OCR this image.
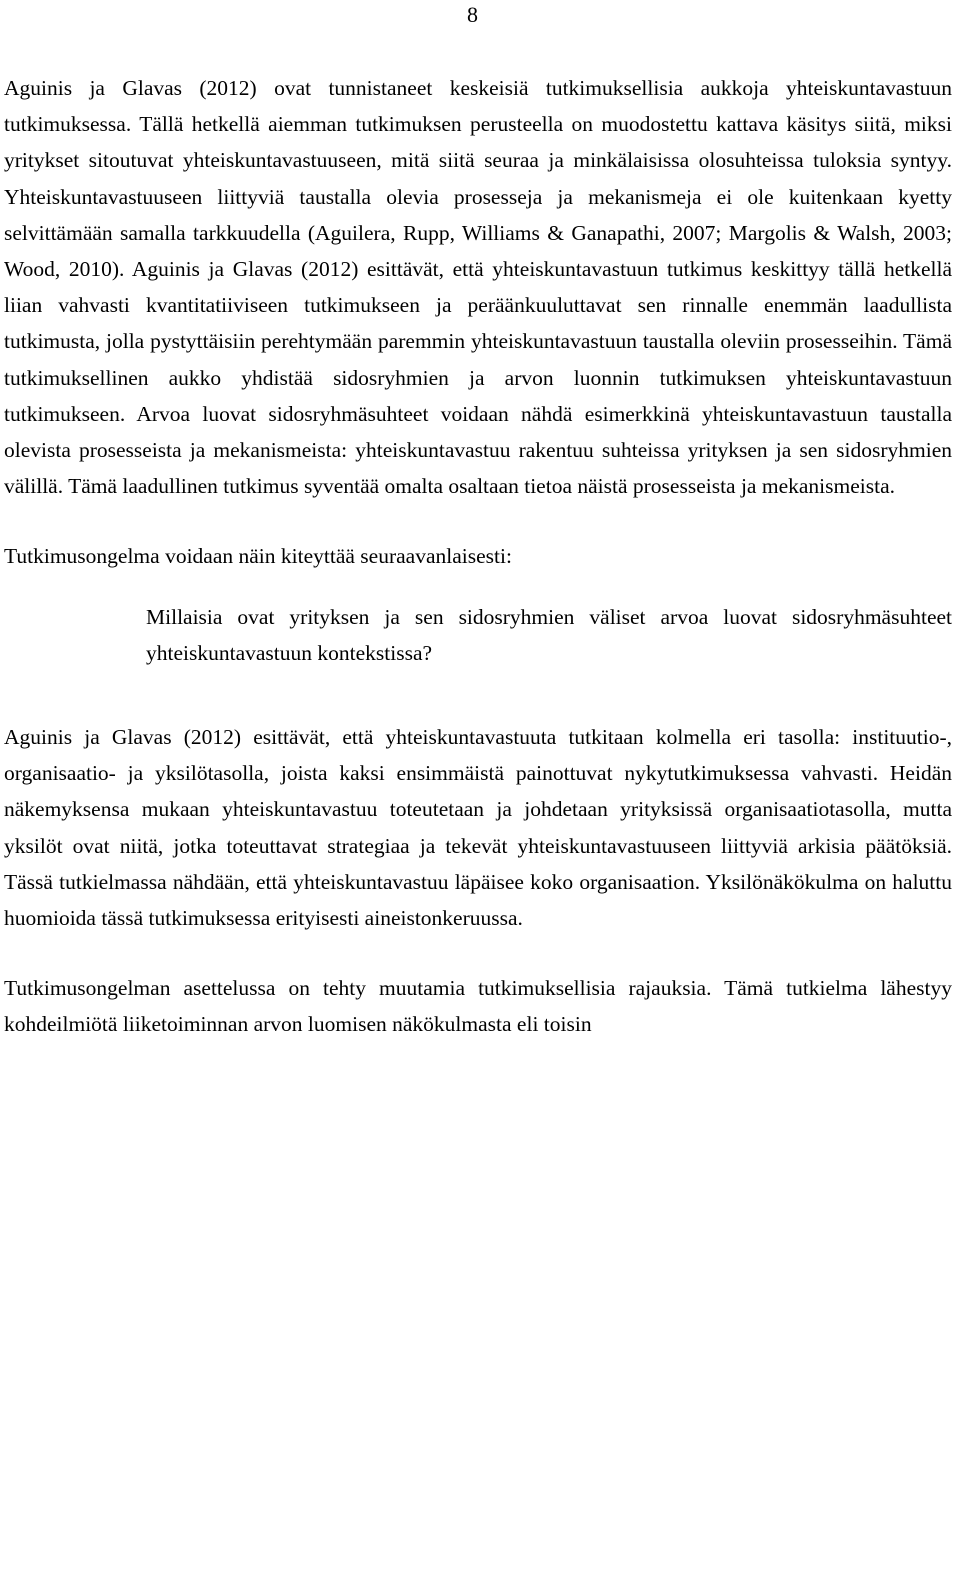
8

Aguinis ja Glavas (2012) ovat tunnistaneet keskeisiä tutkimuksellisia aukkoja yhteiskuntavastuun tutkimuksessa. Tällä hetkellä aiemman tutkimuksen perusteella on muodostettu kattava käsitys siitä, miksi yritykset sitoutuvat yhteiskuntavastuuseen, mitä siitä seuraa ja minkälaisissa olosuhteissa tuloksia syntyy. Yhteiskuntavastuuseen liittyviä taustalla olevia prosesseja ja mekanismeja ei ole kuitenkaan kyetty selvittämään samalla tarkkuudella (Aguilera, Rupp, Williams & Ganapathi, 2007; Margolis & Walsh, 2003; Wood, 2010). Aguinis ja Glavas (2012) esittävät, että yhteiskuntavastuun tutkimus keskittyy tällä hetkellä liian vahvasti kvantitatiiviseen tutkimukseen ja peräänkuuluttavat sen rinnalle enemmän laadullista tutkimusta, jolla pystyttäisiin perehtymään paremmin yhteiskuntavastuun taustalla oleviin prosesseihin. Tämä tutkimuksellinen aukko yhdistää sidosryhmien ja arvon luonnin tutkimuksen yhteiskuntavastuun tutkimukseen. Arvoa luovat sidosryhmäsuhteet voidaan nähdä esimerkkinä yhteiskuntavastuun taustalla olevista prosesseista ja mekanismeista: yhteiskuntavastuu rakentuu suhteissa yrityksen ja sen sidosryhmien välillä. Tämä laadullinen tutkimus syventää omalta osaltaan tietoa näistä prosesseista ja mekanismeista.

Tutkimusongelma voidaan näin kiteyttää seuraavanlaisesti:

Millaisia ovat yrityksen ja sen sidosryhmien väliset arvoa luovat sidosryhmäsuhteet yhteiskuntavastuun kontekstissa?

Aguinis ja Glavas (2012) esittävät, että yhteiskuntavastuuta tutkitaan kolmella eri tasolla: instituutio-, organisaatio- ja yksilötasolla, joista kaksi ensimmäistä painottuvat nykytutkimuksessa vahvasti. Heidän näkemyksensa mukaan yhteiskuntavastuu toteutetaan ja johdetaan yrityksissä organisaatiotasolla, mutta yksilöt ovat niitä, jotka toteuttavat strategiaa ja tekevät yhteiskuntavastuuseen liittyviä arkisia päätöksiä. Tässä tutkielmassa nähdään, että yhteiskuntavastuu läpäisee koko organisaation. Yksilönäkökulma on haluttu huomioida tässä tutkimuksessa erityisesti aineistonkeruussa.

Tutkimusongelman asettelussa on tehty muutamia tutkimuksellisia rajauksia. Tämä tutkielma lähestyy kohdeilmiötä liiketoiminnan arvon luomisen näkökulmasta eli toisin
